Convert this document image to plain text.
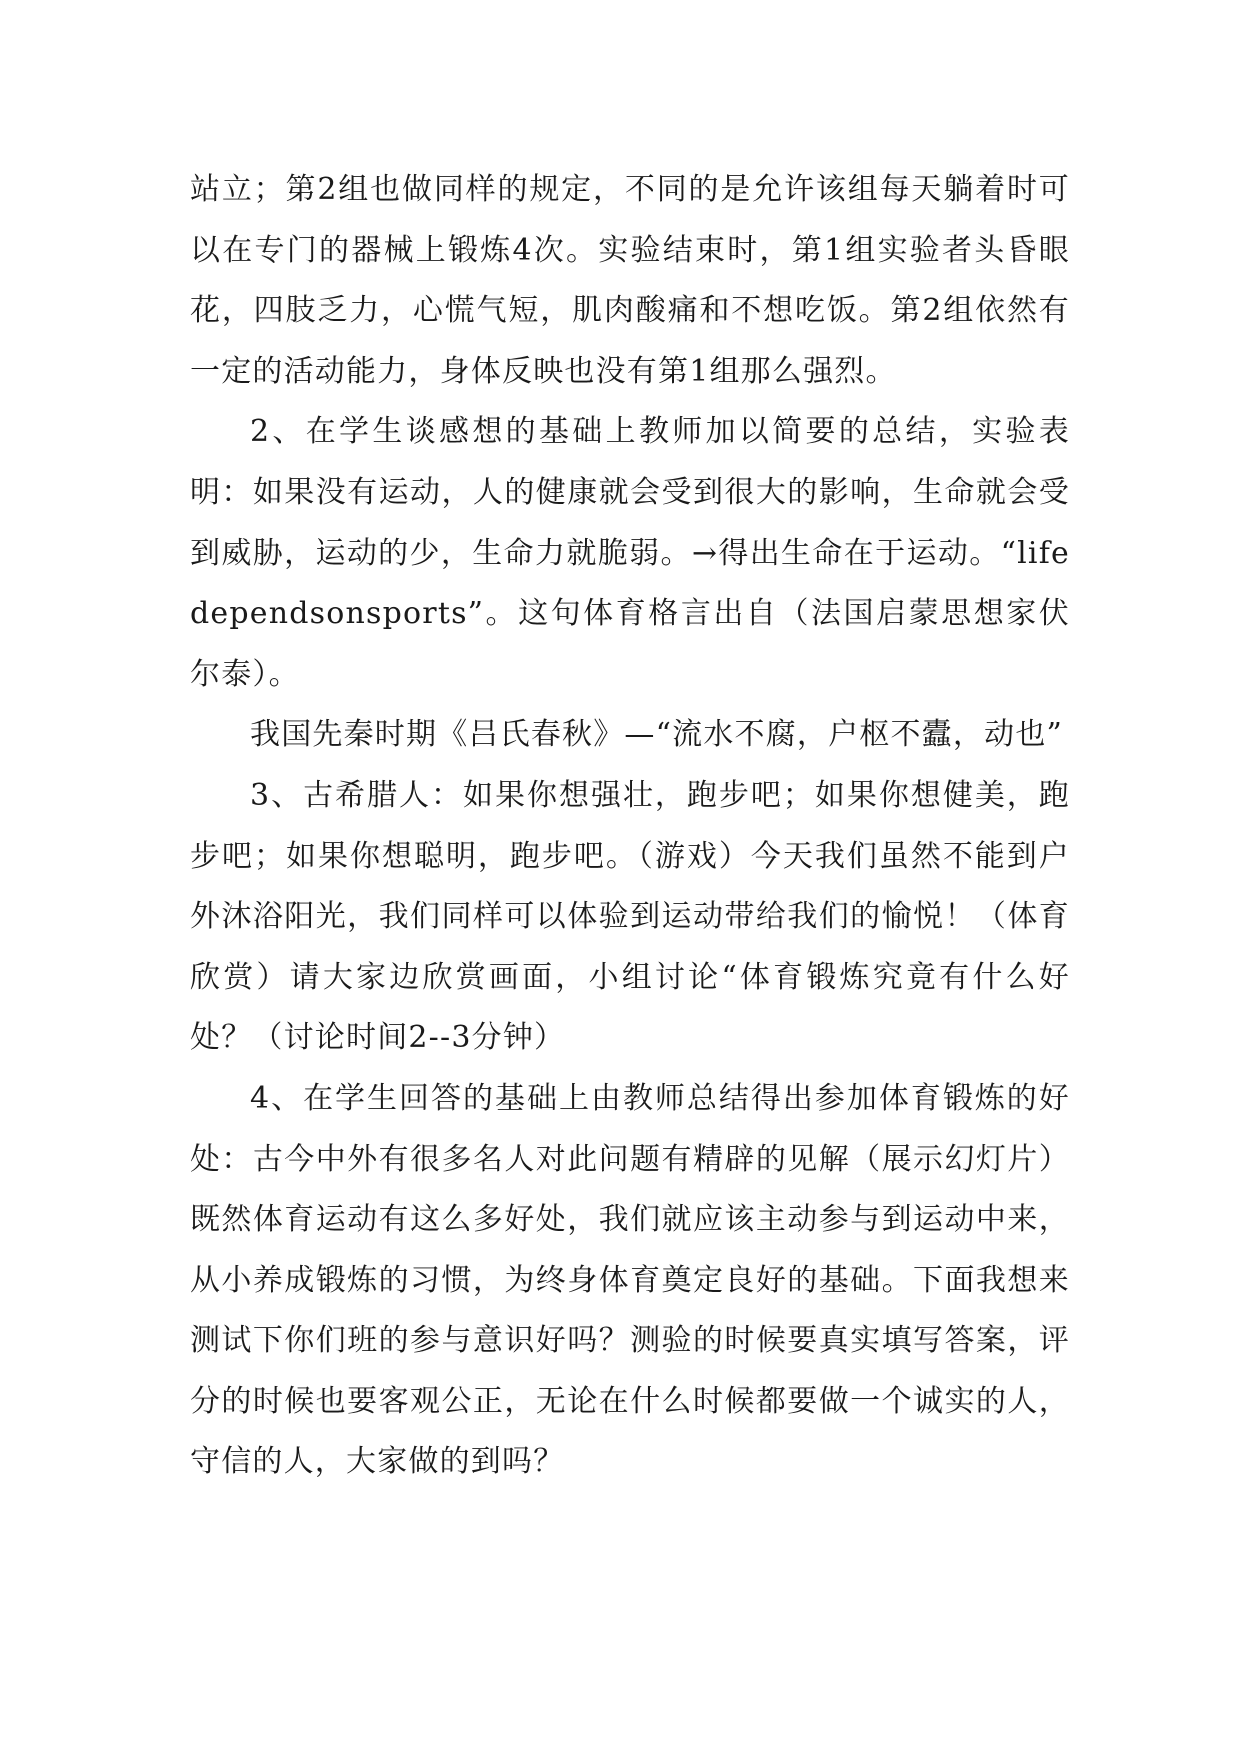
站立；第2组也做同样的规定，不同的是允许该组每天躺着时可以在专门的器械上锻炼4次。实验结束时，第1组实验者头昏眼花，四肢乏力，心慌气短，肌肉酸痛和不想吃饭。第2组依然有一定的活动能力，身体反映也没有第1组那么强烈。

2、在学生谈感想的基础上教师加以简要的总结，实验表明：如果没有运动，人的健康就会受到很大的影响，生命就会受到威胁，运动的少，生命力就脆弱。→得出生命在于运动。“lifedependsonsports”。这句体育格言出自（法国启蒙思想家伏尔泰）。

我国先秦时期《吕氏春秋》—“流水不腐，户枢不蠹，动也”

3、古希腊人：如果你想强壮，跑步吧；如果你想健美，跑步吧；如果你想聪明，跑步吧。（游戏）今天我们虽然不能到户外沐浴阳光，我们同样可以体验到运动带给我们的愉悦！（体育欣赏）请大家边欣赏画面，小组讨论“体育锻炼究竟有什么好处？（讨论时间2--3分钟）

4、在学生回答的基础上由教师总结得出参加体育锻炼的好处：古今中外有很多名人对此问题有精辟的见解（展示幻灯片）既然体育运动有这么多好处，我们就应该主动参与到运动中来，从小养成锻炼的习惯，为终身体育奠定良好的基础。下面我想来测试下你们班的参与意识好吗？测验的时候要真实填写答案，评分的时候也要客观公正，无论在什么时候都要做一个诚实的人，守信的人，大家做的到吗？
